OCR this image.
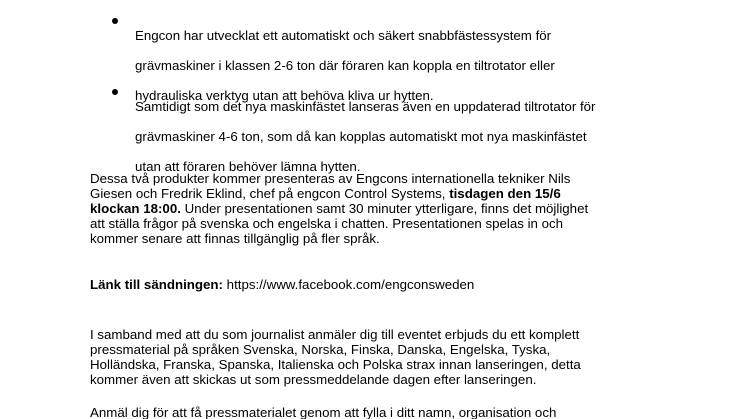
Engcon har utvecklat ett automatiskt och säkert snabbfästessystem för

grävmaskiner i klassen 2-6 ton där föraren kan koppla en tiltrotator eller

hydrauliska verktyg utan att behöva kliva ur hytten.

Samtidigt som det nya maskinfästet lanseras även en uppdaterad tiltrotator för

grävmaskiner 4-6 ton, som då kan kopplas automatiskt mot nya maskinfästet

utan att föraren behöver lämna hytten.

Dessa två produkter kommer presenteras av Engcons internationella tekniker Nils
Giesen och Fredrik Eklind, chef på engcon Control Systems, tisdagen den 15/6
klockan 18:00. Under presentationen samt 30 minuter ytterligare, finns det möjlighet
att ställa frågor på svenska och engelska i chatten. Presentationen spelas in och
kommer senare att finnas tillgänglig på fler språk.
Länk till sändningen: https://www.facebook.com/engconsweden
I samband med att du som journalist anmäler dig till eventet erbjuds du ett komplett
pressmaterial på språken Svenska, Norska, Finska, Danska, Engelska, Tyska,
Holländska, Franska, Spanska, Italienska och Polska strax innan lanseringen, detta
kommer även att skickas ut som pressmeddelande dagen efter lanseringen.
Anmäl dig för att få pressmaterialet genom att fylla i ditt namn, organisation och
